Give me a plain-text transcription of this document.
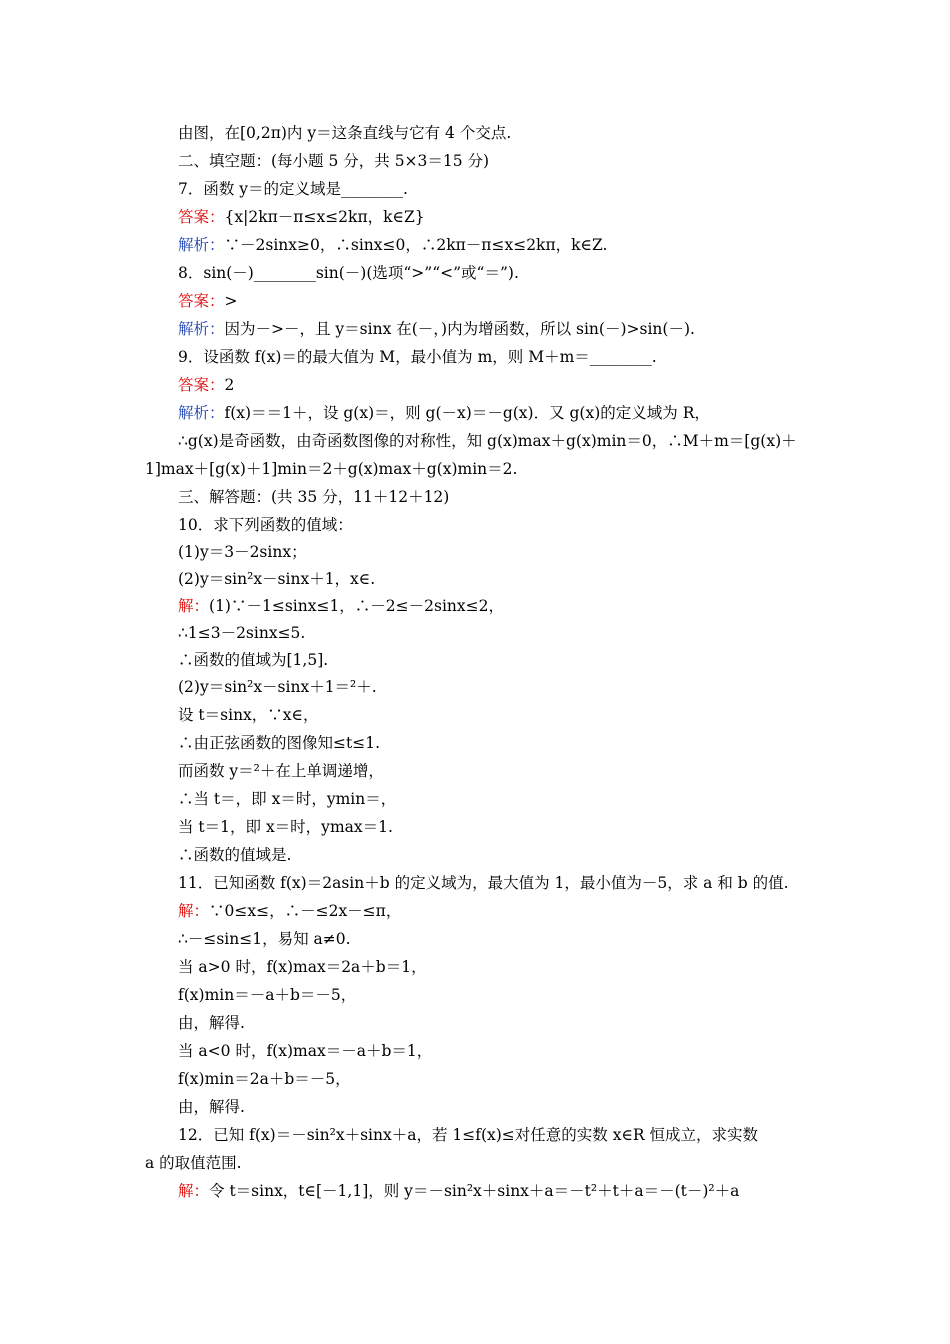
由图，在[0,2π)内 y＝这条直线与它有 4 个交点.
二、填空题：(每小题 5 分，共 5×3＝15 分)
7．函数 y＝的定义域是________.
答案：{x|2kπ－π≤x≤2kπ，k∈Z}
解析：∵－2sinx≥0，∴sinx≤0，∴2kπ－π≤x≤2kπ，k∈Z.
8．sin(－)________sin(－)(选项“>”“<”或“＝”).
答案：>
解析：因为－>－，且 y＝sinx 在(－，)内为增函数，所以 sin(－)>sin(－).
9．设函数 f(x)＝的最大值为 M，最小值为 m，则 M＋m＝________.
答案：2
解析：f(x)＝＝1＋，设 g(x)＝，则 g(－x)＝－g(x)．又 g(x)的定义域为 R，
∴g(x)是奇函数，由奇函数图像的对称性，知 g(x)max＋g(x)min＝0，∴M＋m＝[g(x)＋
1]max＋[g(x)＋1]min＝2＋g(x)max＋g(x)min＝2.
三、解答题：(共 35 分，11＋12＋12)
10．求下列函数的值域：
(1)y＝3－2sinx；
(2)y＝sin²x－sinx＋1，x∈.
解：(1)∵－1≤sinx≤1，∴－2≤－2sinx≤2，
∴1≤3－2sinx≤5.
∴函数的值域为[1,5].
(2)y＝sin²x－sinx＋1＝²＋.
设 t＝sinx，∵x∈，
∴由正弦函数的图像知≤t≤1.
而函数 y＝²＋在上单调递增，
∴当 t＝，即 x＝时，ymin＝，
当 t＝1，即 x＝时，ymax＝1.
∴函数的值域是.
11．已知函数 f(x)＝2asin＋b 的定义域为，最大值为 1，最小值为－5，求 a 和 b 的值.
解：∵0≤x≤，∴－≤2x－≤π，
∴－≤sin≤1，易知 a≠0.
当 a>0 时，f(x)max＝2a＋b＝1，
f(x)min＝－a＋b＝－5，
由，解得.
当 a<0 时，f(x)max＝－a＋b＝1，
f(x)min＝2a＋b＝－5，
由，解得.
12．已知 f(x)＝－sin²x＋sinx＋a，若 1≤f(x)≤对任意的实数 x∈R 恒成立，求实数
a 的取值范围.
解：令 t＝sinx，t∈[－1,1]，则 y＝－sin²x＋sinx＋a＝－t²＋t＋a＝－(t－)²＋a
